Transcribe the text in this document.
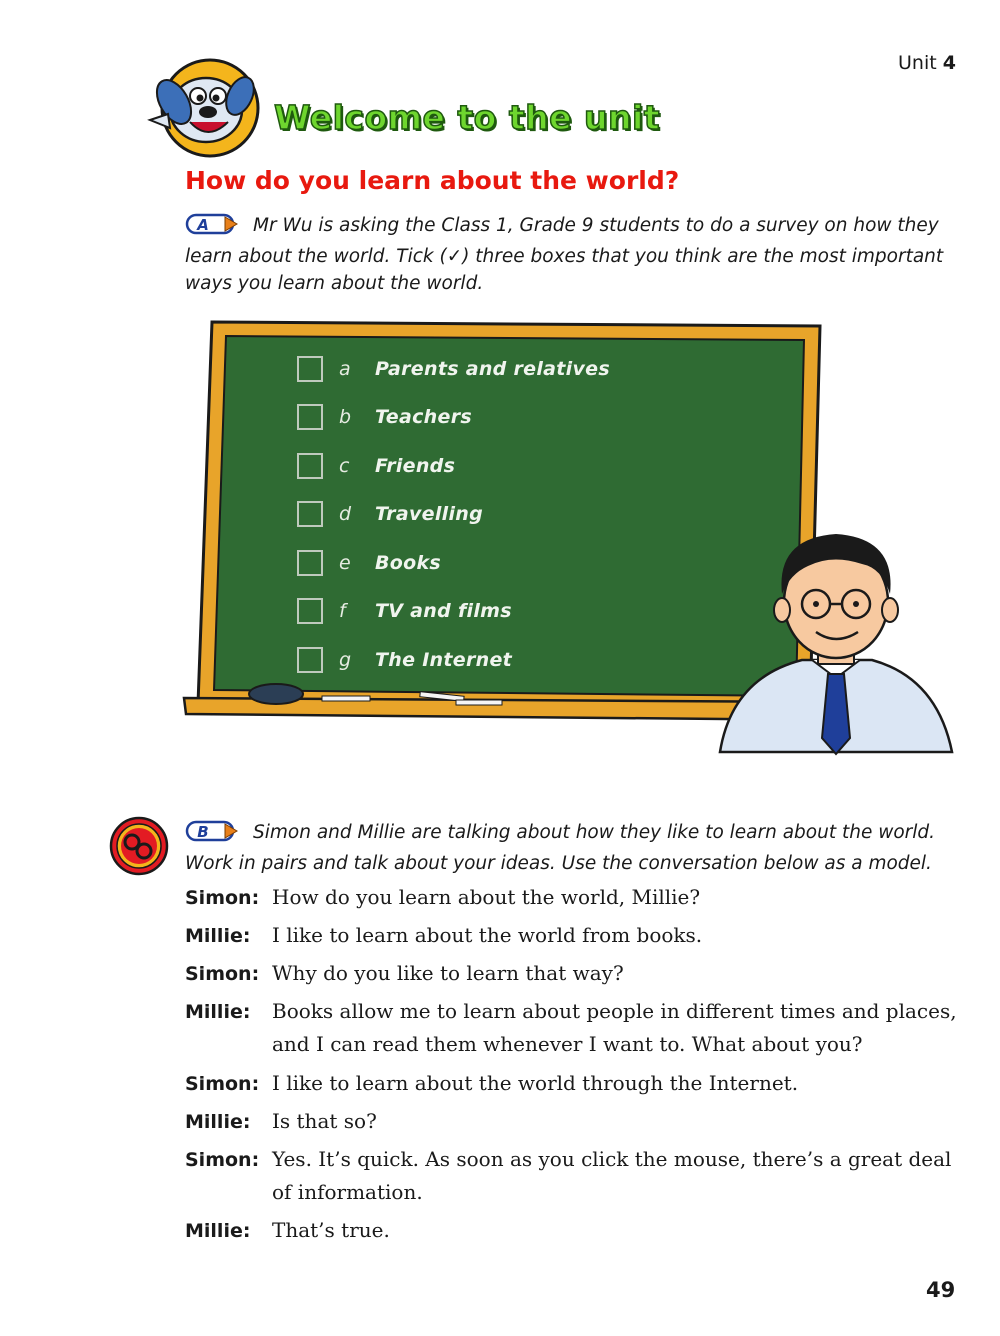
Unit 4
Welcome to the unit
How do you learn about the world?
A Mr Wu is asking the Class 1, Grade 9 students to do a survey on how they learn about the world. Tick (✓) three boxes that you think are the most important ways you learn about the world.
a	Parents and relatives
b	Teachers
c	Friends
d	Travelling
e	Books
f	TV and films
g	The Internet
B Simon and Millie are talking about how they like to learn about the world. Work in pairs and talk about your ideas. Use the conversation below as a model.
Simon: How do you learn about the world, Millie?
Millie:	I like to learn about the world from books.
Simon: Why do you like to learn that way?
Millie:	Books allow me to learn about people in different times and places, and I can read them whenever I want to. What about you?
Simon: I like to learn about the world through the Internet.
Millie:	Is that so?
Simon: Yes. It’s quick. As soon as you click the mouse, there’s a great deal of information.
Millie:	That’s true.
49
